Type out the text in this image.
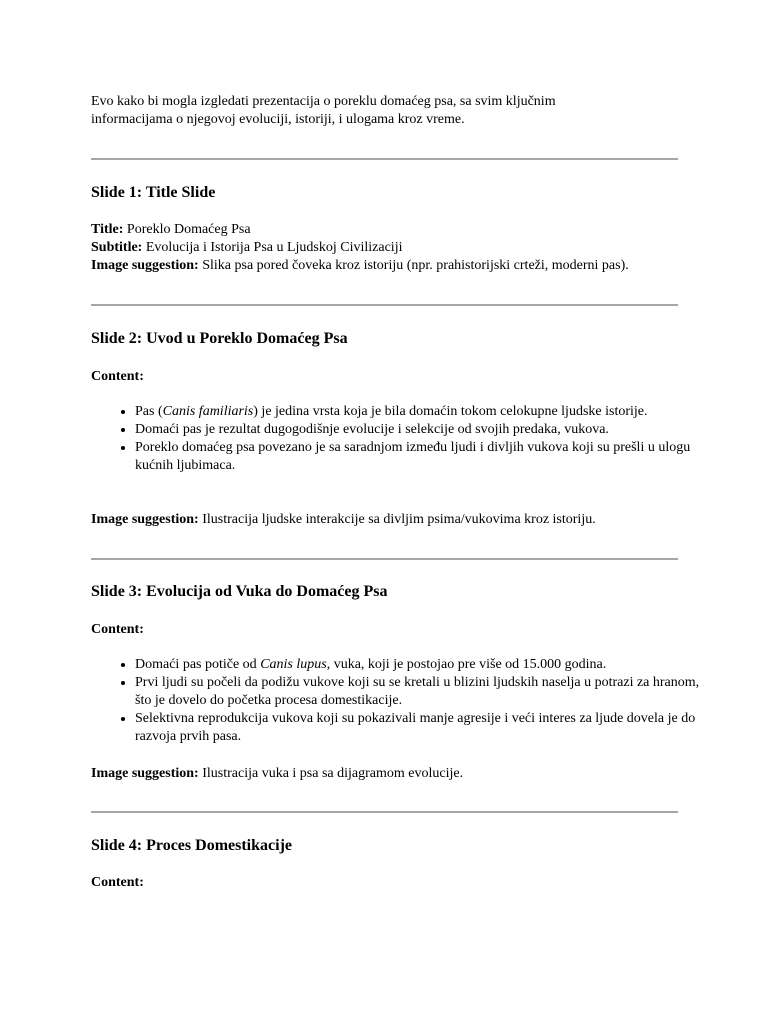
Evo kako bi mogla izgledati prezentacija o poreklu domaćeg psa, sa svim ključnim
informacijama o njegovoj evoluciji, istoriji, i ulogama kroz vreme.
Slide 1: Title Slide

Title: Poreklo Domaćeg Psa

Subtitle: Evolucija i Istorija Psa u Ljudskoj Civilizaciji

Image suggestion: Slika psa pored čoveka kroz istoriju (npr. prahistorijski crteži, moderni pas).

Slide 2: Uvod u Poreklo Domaćeg Psa

Content:

• Pas (Canis familiaris) je jedina vrsta koja je bila domaćin tokom celokupne ljudske istorije.
• Domaći pas je rezultat dugogodišnje evolucije i selekcije od svojih predaka, vukova.
• Poreklo domaćeg psa povezano je sa saradnjom između ljudi i divljih vukova koji su prešli u ulogu kućnih ljubimaca.

Image suggestion: Ilustracija ljudske interakcije sa divljim psima/vukovima kroz istoriju.

Slide 3: Evolucija od Vuka do Domaćeg Psa

Content:

• Domaći pas potiče od Canis lupus, vuka, koji je postojao pre više od 15.000 godina.
• Prvi ljudi su počeli da podižu vukove koji su se kretali u blizini ljudskih naselja u potrazi za hranom, što je dovelo do početka procesa domestikacije.
• Selektivna reprodukcija vukova koji su pokazivali manje agresije i veći interes za ljude dovela je do razvoja prvih pasa.

Image suggestion: Ilustracija vuka i psa sa dijagramom evolucije.

Slide 4: Proces Domestikacije

Content:
